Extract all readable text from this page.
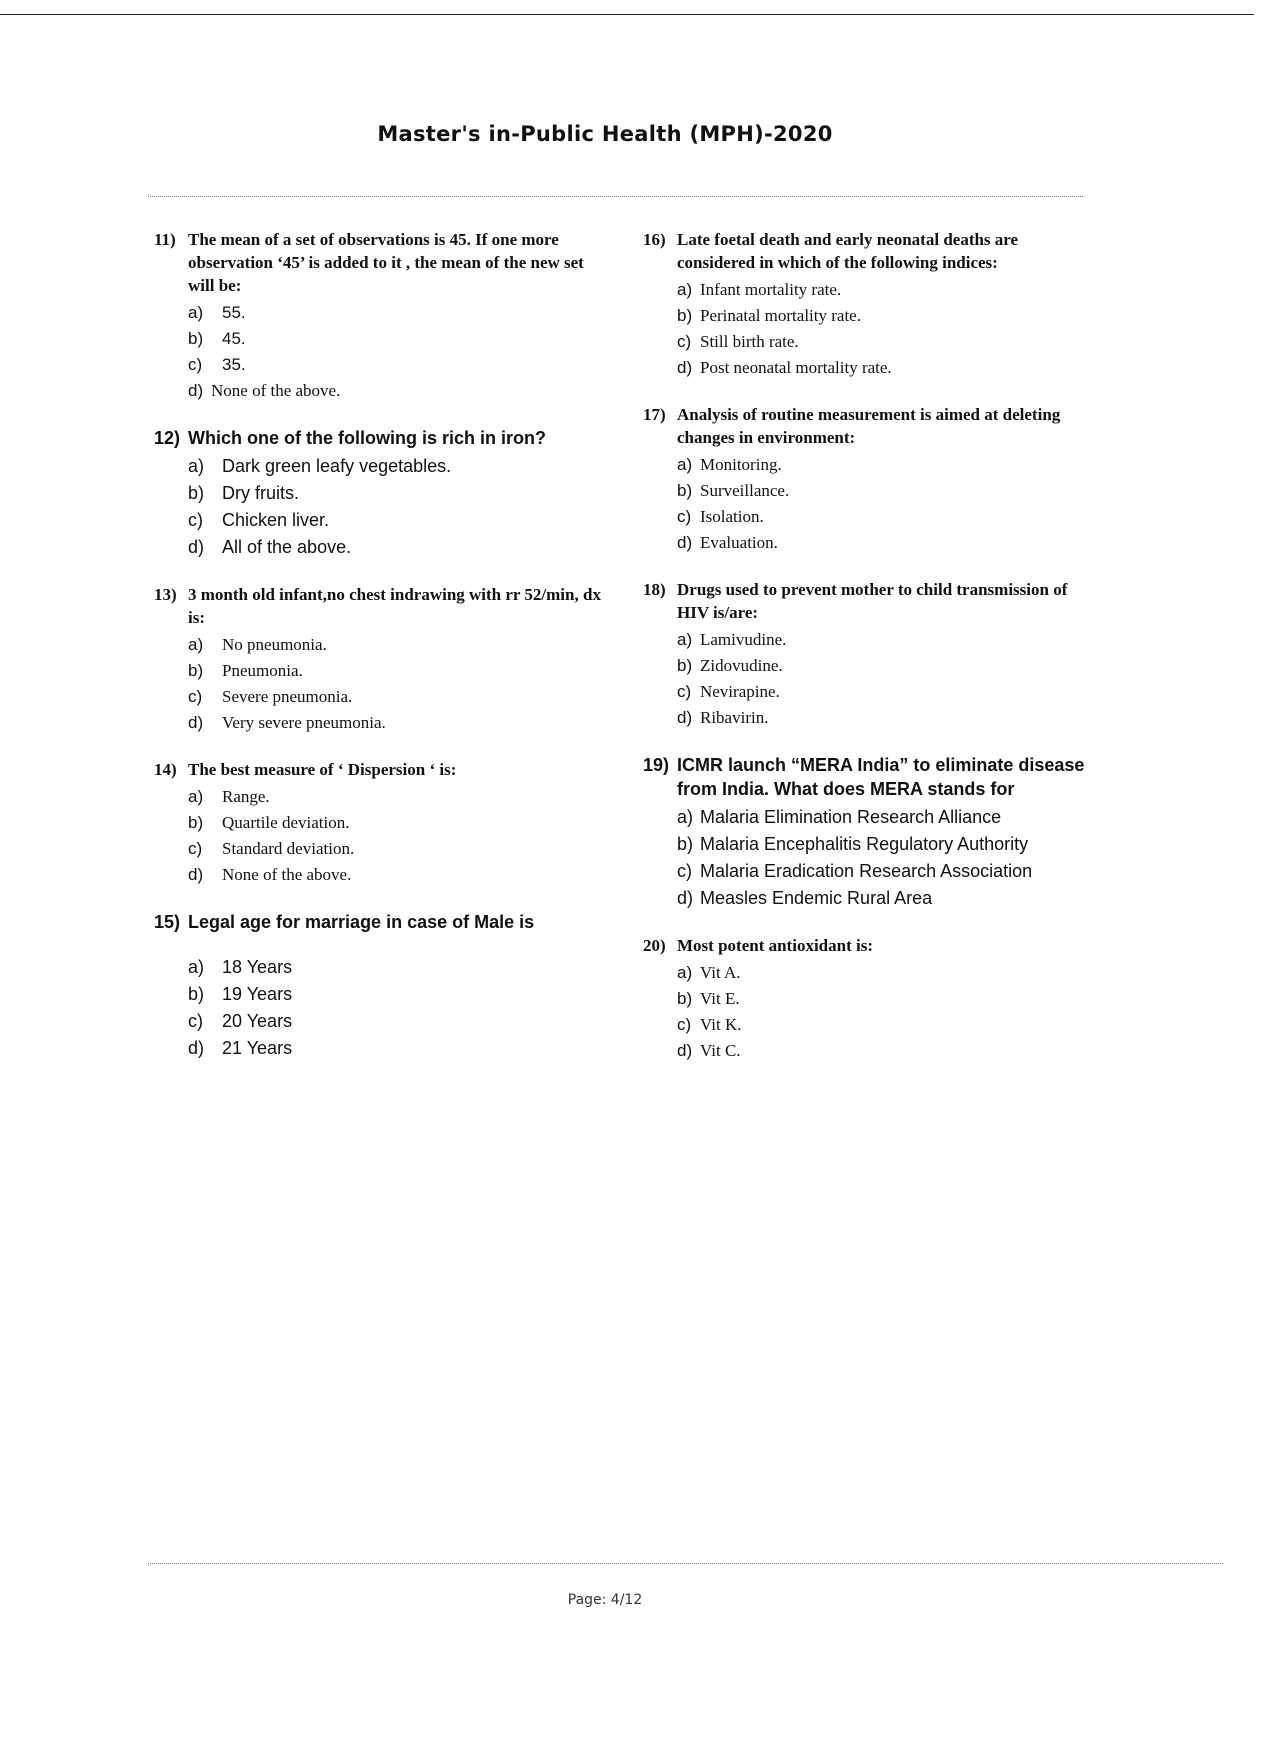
Master's in-Public Health (MPH)-2020
11) The mean of a set of observations is 45. If one more observation ‘45’ is added to it , the mean of the new set will be:
a)	55.
b)	45.
c)	35.
d) None of the above.
12) Which one of the following is rich in iron?
a) Dark green leafy vegetables.
b) Dry fruits.
c)	Chicken liver.
d) All of the above.
13) 3 month old infant,no chest indrawing with rr 52/min, dx is:
a)	No pneumonia.
b)	Pneumonia.
c)	Severe pneumonia.
d)	Very severe pneumonia.
14) The best measure of ‘ Dispersion ‘ is:
a)	Range.
b)	Quartile deviation.
c)	Standard deviation.
d)	None of the above.
15) Legal age for marriage in case of Male is
a) 18 Years
b) 19 Years
c)	20 Years
d) 21 Years
16) Late foetal death and early neonatal deaths are considered in which of the following indices:
a) Infant mortality rate.
b) Perinatal mortality rate.
c) Still birth rate.
d) Post neonatal mortality rate.
17) Analysis of routine measurement is aimed at deleting changes in environment:
a) Monitoring.
b) Surveillance.
c) Isolation.
d) Evaluation.
18) Drugs used to prevent mother to child transmission of HIV is/are:
a) Lamivudine.
b) Zidovudine.
c) Nevirapine.
d) Ribavirin.
19) ICMR launch “MERA India” to eliminate disease from India. What does MERA stands for
a) Malaria Elimination Research Alliance
b) Malaria Encephalitis Regulatory Authority
c) Malaria Eradication Research Association
d) Measles Endemic Rural Area
20) Most potent antioxidant is:
a) Vit A.
b) Vit E.
c) Vit K.
d) Vit C.
Page: 4/12
